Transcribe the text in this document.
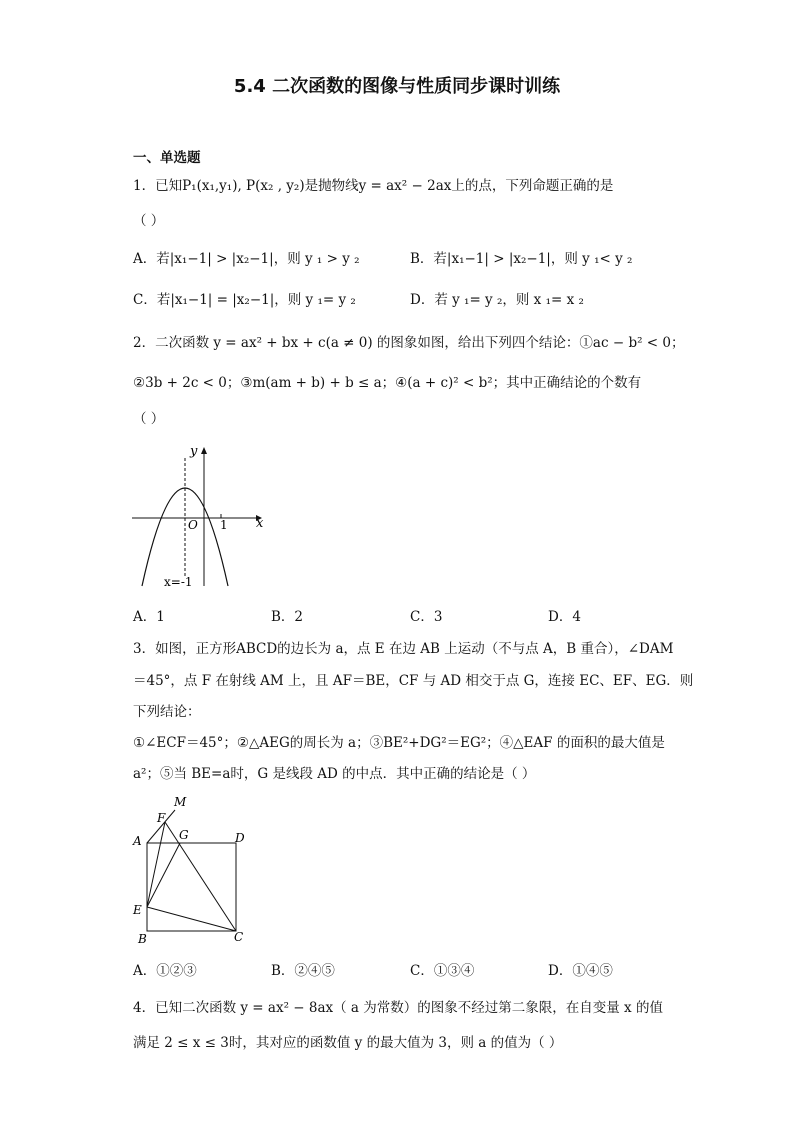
5.4 二次函数的图像与性质同步课时训练
一、单选题
1．已知P₁(x₁,y₁), P(x₂ , y₂)是抛物线y = ax² − 2ax上的点，下列命题正确的是
（ ）
A．若|x₁−1| > |x₂−1|，则 y ₁ > y ₂	B．若|x₁−1| > |x₂−1|，则 y ₁< y ₂
C．若|x₁−1| = |x₂−1|，则 y ₁= y ₂	D．若 y ₁= y ₂，则 x ₁= x ₂
2．二次函数 y = ax² + bx + c(a ≠ 0) 的图象如图，给出下列四个结论：①ac − b² < 0；
②3b + 2c < 0；③m(am + b) + b ≤ a；④(a + c)² < b²；其中正确结论的个数有
（ ）
y
x
O 1
x=-1
A．1	B．2	C．3	D．4
3．如图，正方形ABCD的边长为 a，点 E 在边 AB 上运动（不与点 A，B 重合），∠DAM
＝45°，点 F 在射线 AM 上，且 AF＝BE，CF 与 AD 相交于点 G，连接 EC、EF、EG．则
下列结论：
①∠ECF＝45°；②△AEG的周长为 a；③BE²+DG²＝EG²；④△EAF 的面积的最大值是
a²；⑤当 BE=a时，G 是线段 AD 的中点．其中正确的结论是（ ）
M
F
G
A	D
E
B	C
A．①②③	B．②④⑤	C．①③④	D．①④⑤
4．已知二次函数 y = ax² − 8ax（ a 为常数）的图象不经过第二象限，在自变量 x 的值
满足 2 ≤ x ≤ 3时，其对应的函数值 y 的最大值为 3，则 a 的值为（ ）
